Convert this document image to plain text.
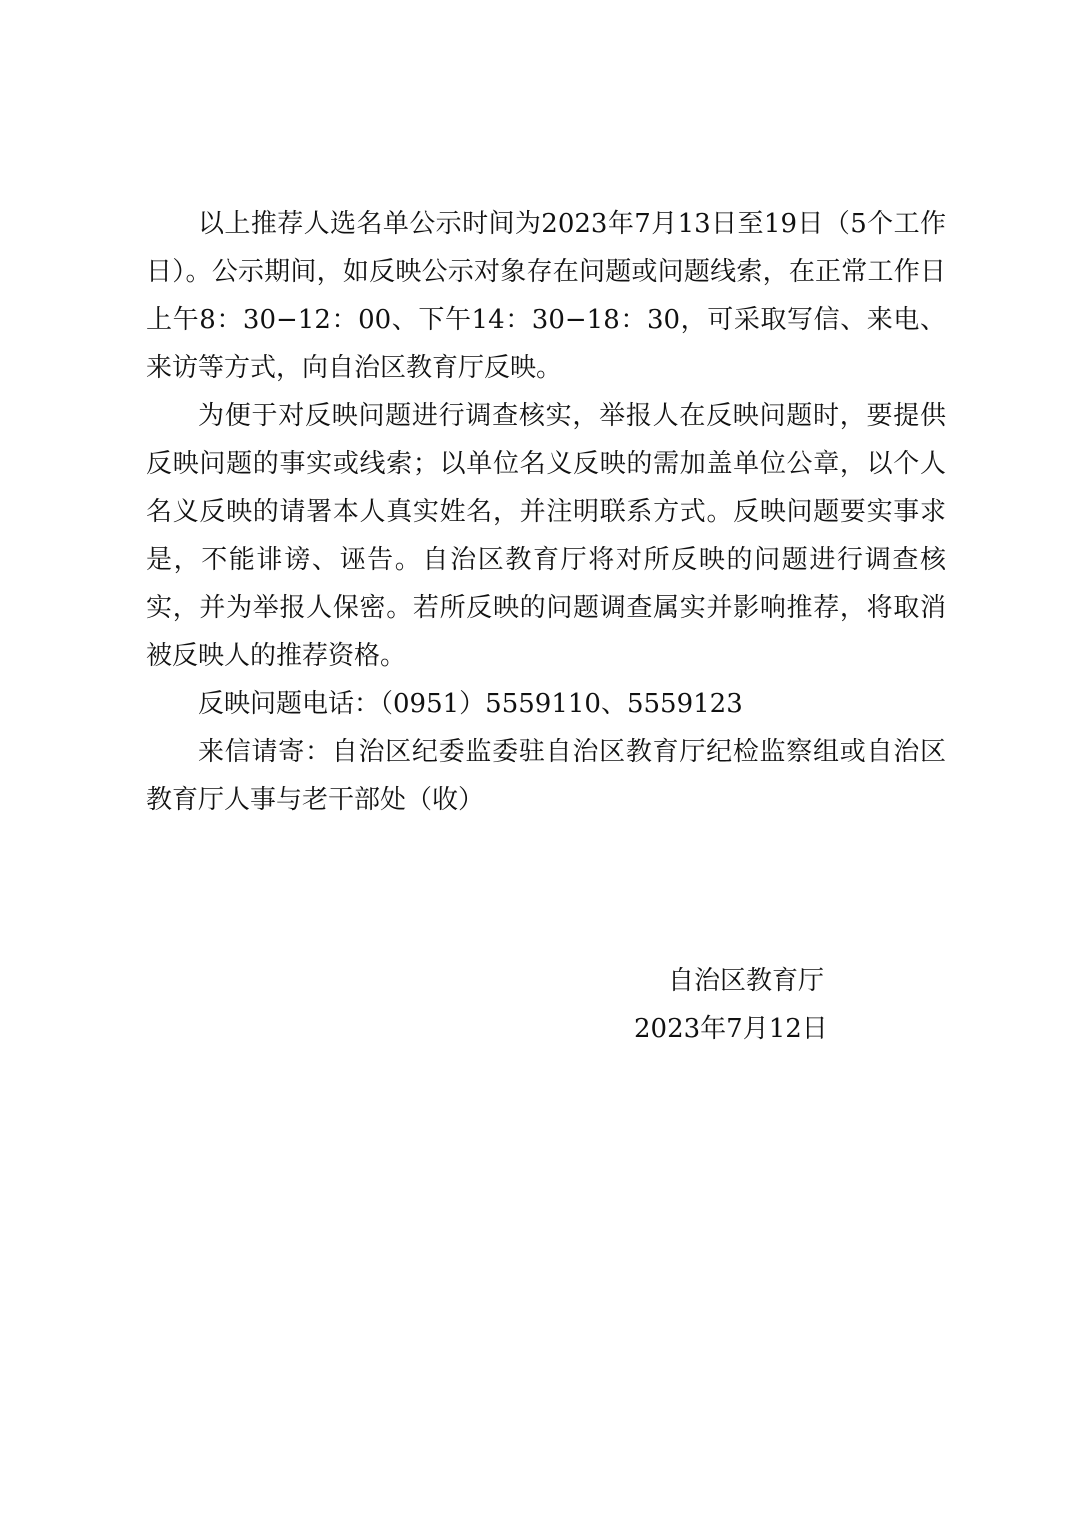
以上推荐人选名单公示时间为2023年7月13日至19日（5个工作日）。公示期间，如反映公示对象存在问题或问题线索，在正常工作日上午8：30−12：00、下午14：30−18：30，可采取写信、来电、来访等方式，向自治区教育厅反映。

为便于对反映问题进行调查核实，举报人在反映问题时，要提供反映问题的事实或线索；以单位名义反映的需加盖单位公章，以个人名义反映的请署本人真实姓名，并注明联系方式。反映问题要实事求是，不能诽谤、诬告。自治区教育厅将对所反映的问题进行调查核实，并为举报人保密。若所反映的问题调查属实并影响推荐，将取消被反映人的推荐资格。

反映问题电话：（0951）5559110、5559123

来信请寄：自治区纪委监委驻自治区教育厅纪检监察组或自治区教育厅人事与老干部处（收）

自治区教育厅
2023年7月12日
